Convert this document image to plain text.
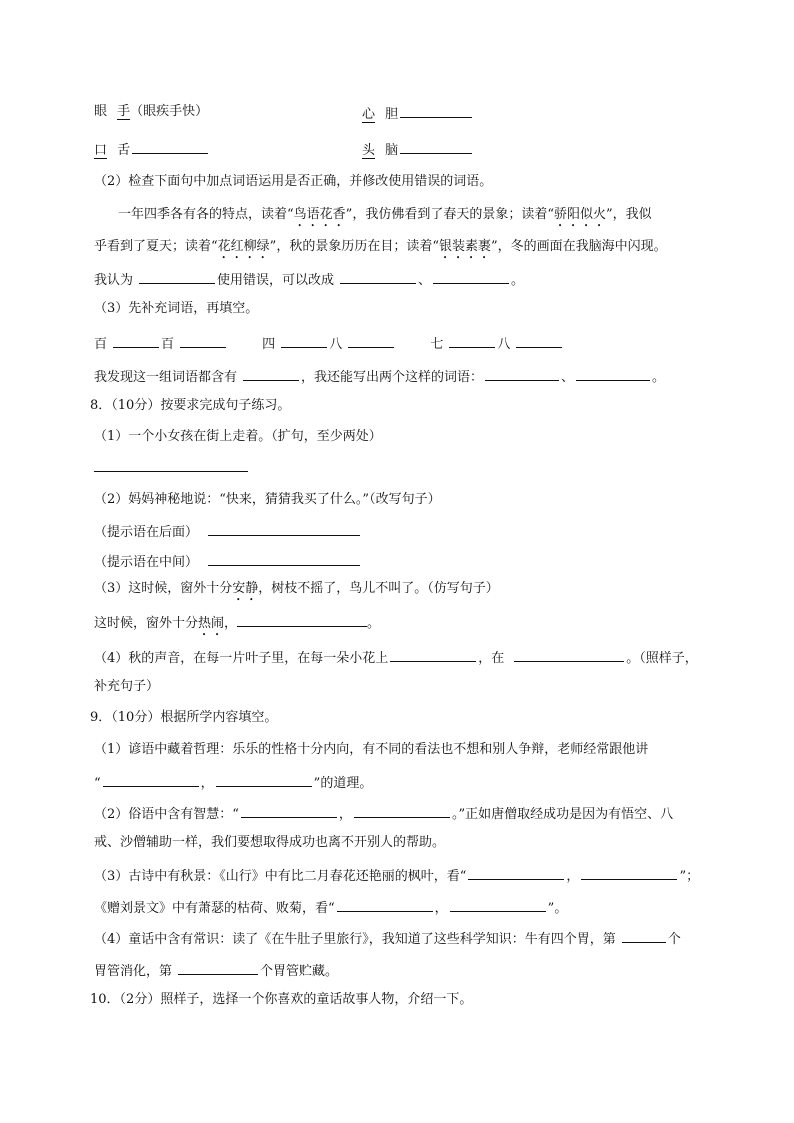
眼 手（眼疾手快）	心 胆
口 舌	头 脑
（2）检查下面句中加点词语运用是否正确，并修改使用错误的词语。
一年四季各有各的特点，读着“鸟语花香”，我仿佛看到了春天的景象；读着“骄阳似火”，我似
乎看到了夏天；读着“花红柳绿”，秋的景象历历在目；读着“银装素裹”，冬的画面在我脑海中闪现。
我认为	使用错误，可以改成	、	。
（3）先补充词语，再填空。
百	百	四	八	七	八
我发现这一组词语都含有	，我还能写出两个这样的词语：	、	。
8．（10分）按要求完成句子练习。
（1）一个小女孩在街上走着。（扩句，至少两处）
（2）妈妈神秘地说：“快来，猜猜我买了什么。”（改写句子）
（提示语在后面）
（提示语在中间）
（3）这时候，窗外十分安静，树枝不摇了，鸟儿不叫了。（仿写句子）
这时候，窗外十分热闹，	。
（4）秋的声音，在每一片叶子里，在每一朵小花上	，在	。（照样子，
补充句子）
9．（10分）根据所学内容填空。
（1）谚语中藏着哲理：乐乐的性格十分内向，有不同的看法也不想和别人争辩，老师经常跟他讲
“	，	”的道理。
（2）俗语中含有智慧：“	，	。”正如唐僧取经成功是因为有悟空、八
戒、沙僧辅助一样，我们要想取得成功也离不开别人的帮助。
（3）古诗中有秋景：《山行》中有比二月春花还艳丽的枫叶，看“	，	”；
《赠刘景文》中有萧瑟的枯荷、败菊，看“	，	”。
（4）童话中含有常识：读了《在牛肚子里旅行》，我知道了这些科学知识：牛有四个胃，第	个
胃管消化，第	个胃管贮藏。
10．（2分）照样子，选择一个你喜欢的童话故事人物，介绍一下。
